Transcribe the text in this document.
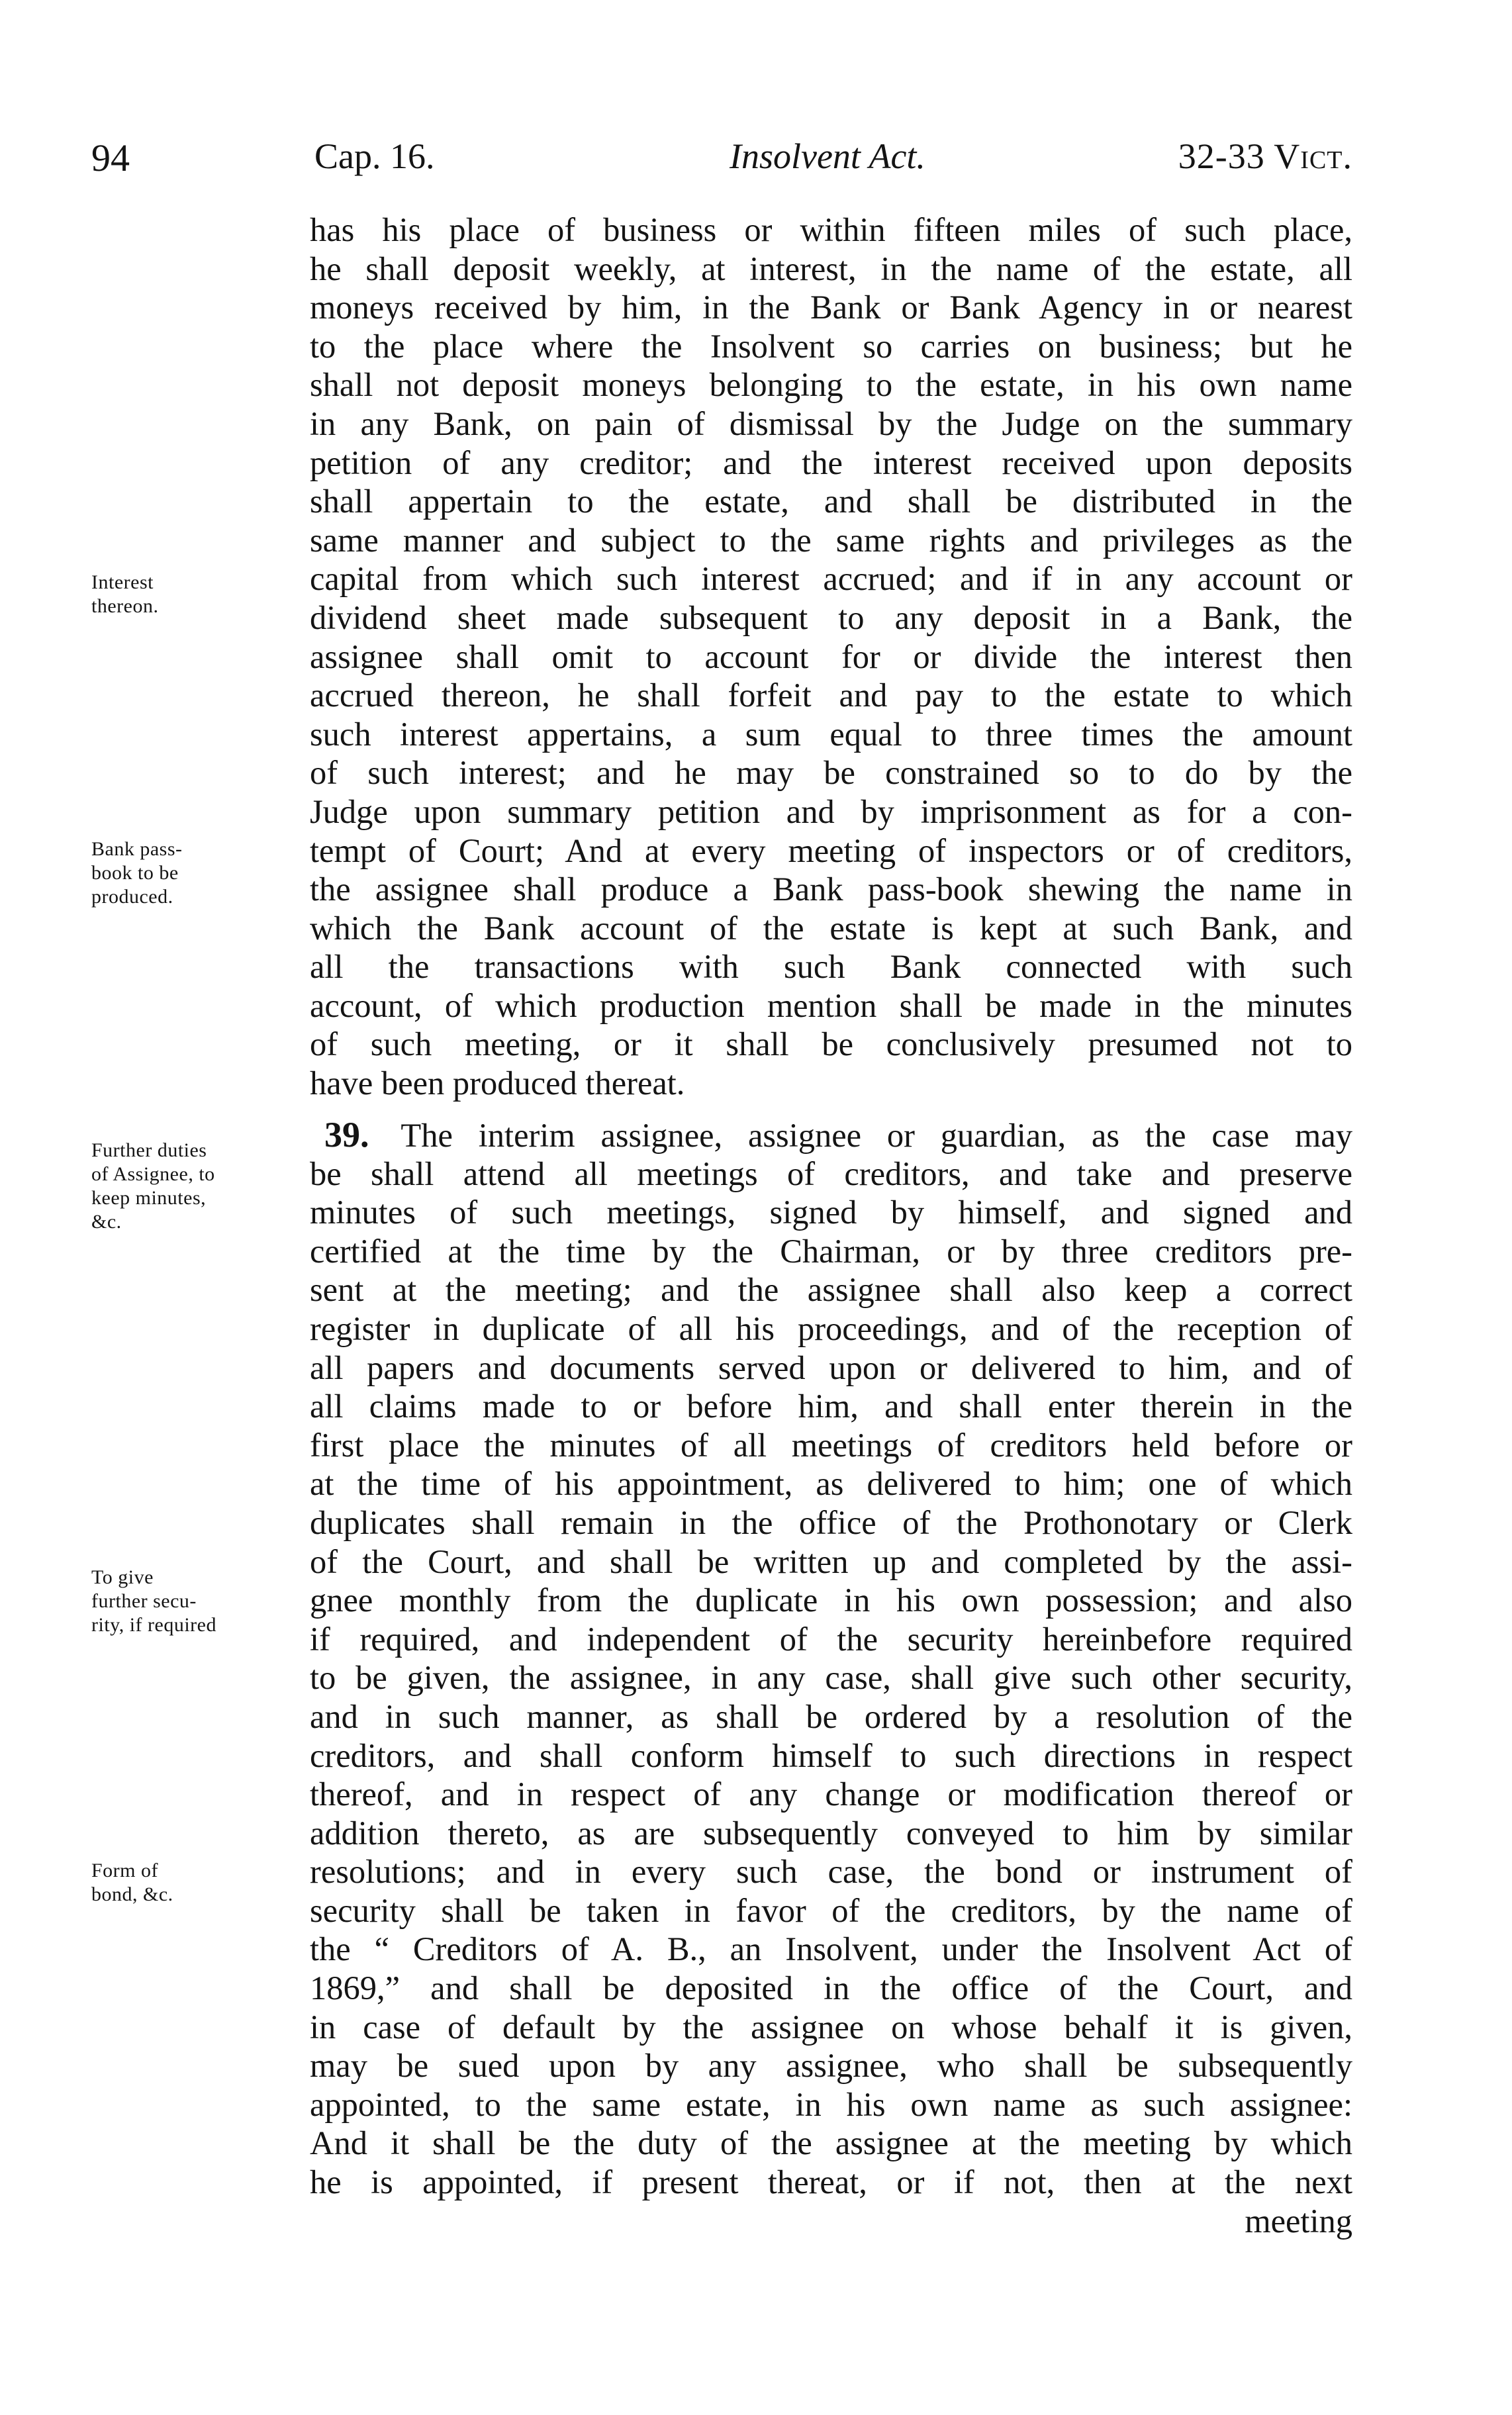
94	Cap. 16.	Insolvent Act.	32-33 Vict.
Interest
thereon.
Bank pass-
book to be
produced.
Further duties
of Assignee, to
keep minutes,
&c.
To give
further secu-
rity, if required
Form of
bond, &c.
has his place of business or within fifteen miles of such place,
he shall deposit weekly, at interest, in the name of the estate, all
moneys received by him, in the Bank or Bank Agency in or nearest
to the place where the Insolvent so carries on business; but he
shall not deposit moneys belonging to the estate, in his own name
in any Bank, on pain of dismissal by the Judge on the summary
petition of any creditor; and the interest received upon deposits
shall appertain to the estate, and shall be distributed in the
same manner and subject to the same rights and privileges as the
capital from which such interest accrued; and if in any account or
dividend sheet made subsequent to any deposit in a Bank, the
assignee shall omit to account for or divide the interest then
accrued thereon, he shall forfeit and pay to the estate to which
such interest appertains, a sum equal to three times the amount
of such interest; and he may be constrained so to do by the
Judge upon summary petition and by imprisonment as for a con-
tempt of Court; And at every meeting of inspectors or of creditors,
the assignee shall produce a Bank pass-book shewing the name in
which the Bank account of the estate is kept at such Bank, and
all the transactions with such Bank connected with such
account, of which production mention shall be made in the minutes
of such meeting, or it shall be conclusively presumed not to
have been produced thereat.
39. The interim assignee, assignee or guardian, as the case may
be shall attend all meetings of creditors, and take and preserve
minutes of such meetings, signed by himself, and signed and
certified at the time by the Chairman, or by three creditors pre-
sent at the meeting; and the assignee shall also keep a correct
register in duplicate of all his proceedings, and of the reception of
all papers and documents served upon or delivered to him, and of
all claims made to or before him, and shall enter therein in the
first place the minutes of all meetings of creditors held before or
at the time of his appointment, as delivered to him; one of which
duplicates shall remain in the office of the Prothonotary or Clerk
of the Court, and shall be written up and completed by the assi-
gnee monthly from the duplicate in his own possession; and also
if required, and independent of the security hereinbefore required
to be given, the assignee, in any case, shall give such other security,
and in such manner, as shall be ordered by a resolution of the
creditors, and shall conform himself to such directions in respect
thereof, and in respect of any change or modification thereof or
addition thereto, as are subsequently conveyed to him by similar
resolutions; and in every such case, the bond or instrument of
security shall be taken in favor of the creditors, by the name of
the “ Creditors of A. B., an Insolvent, under the Insolvent Act of
1869,” and shall be deposited in the office of the Court, and
in case of default by the assignee on whose behalf it is given,
may be sued upon by any assignee, who shall be subsequently
appointed, to the same estate, in his own name as such assignee:
And it shall be the duty of the assignee at the meeting by which
he is appointed, if present thereat, or if not, then at the next
meeting
